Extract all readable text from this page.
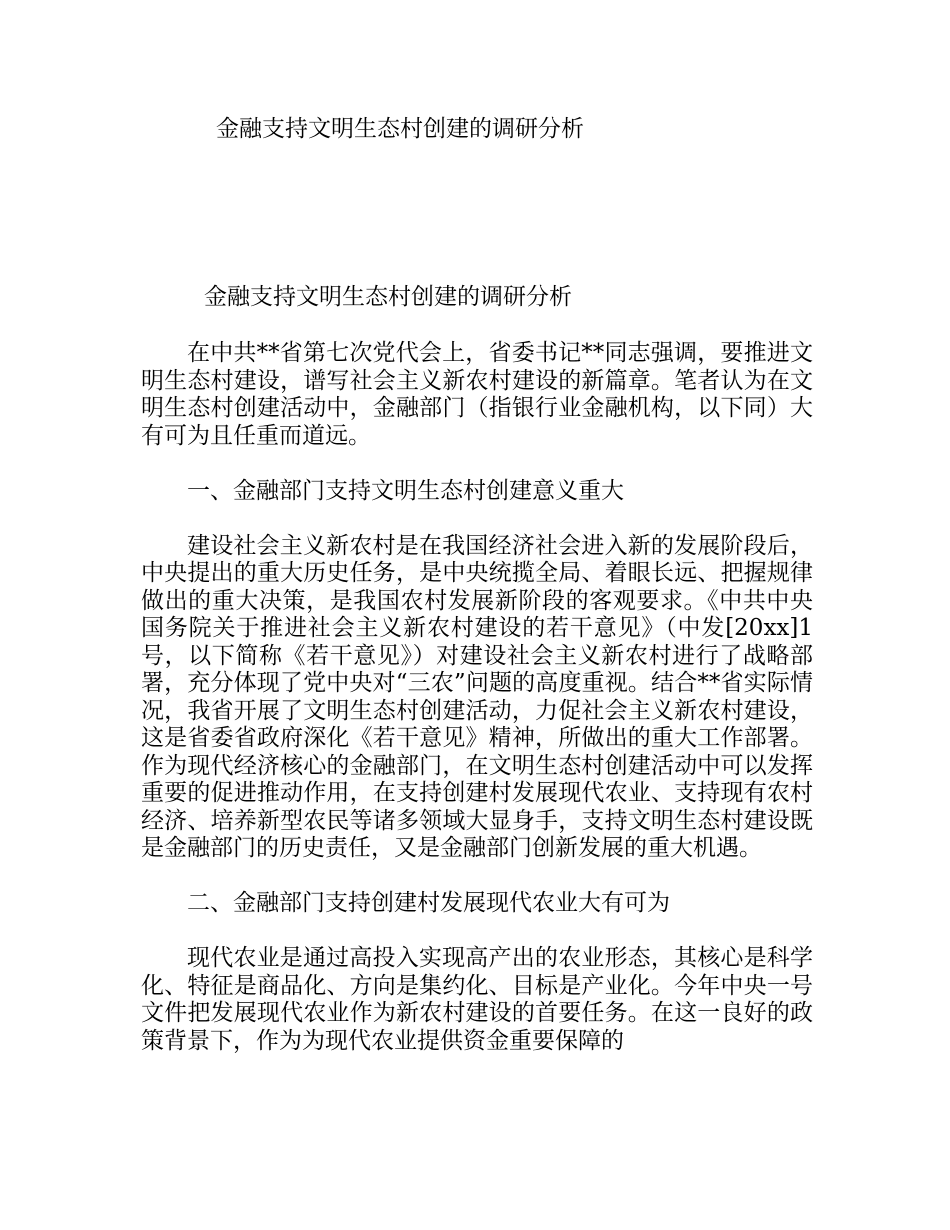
金融支持文明生态村创建的调研分析
金融支持文明生态村创建的调研分析

在中共**省第七次党代会上，省委书记**同志强调，要推进文明生态村建设，谱写社会主义新农村建设的新篇章。笔者认为在文明生态村创建活动中，金融部门（指银行业金融机构，以下同）大有可为且任重而道远。

一、金融部门支持文明生态村创建意义重大

建设社会主义新农村是在我国经济社会进入新的发展阶段后，中央提出的重大历史任务，是中央统揽全局、着眼长远、把握规律做出的重大决策，是我国农村发展新阶段的客观要求。《中共中央国务院关于推进社会主义新农村建设的若干意见》（中发[20xx]1 号，以下简称《若干意见》）对建设社会主义新农村进行了战略部署，充分体现了党中央对“三农”问题的高度重视。结合**省实际情况，我省开展了文明生态村创建活动，力促社会主义新农村建设，这是省委省政府深化《若干意见》精神，所做出的重大工作部署。作为现代经济核心的金融部门，在文明生态村创建活动中可以发挥重要的促进推动作用，在支持创建村发展现代农业、支持现有农村经济、培养新型农民等诸多领域大显身手，支持文明生态村建设既是金融部门的历史责任，又是金融部门创新发展的重大机遇。

二、金融部门支持创建村发展现代农业大有可为

现代农业是通过高投入实现高产出的农业形态，其核心是科学化、特征是商品化、方向是集约化、目标是产业化。今年中央一号文件把发展现代农业作为新农村建设的首要任务。在这一良好的政策背景下，作为为现代农业提供资金重要保障的
